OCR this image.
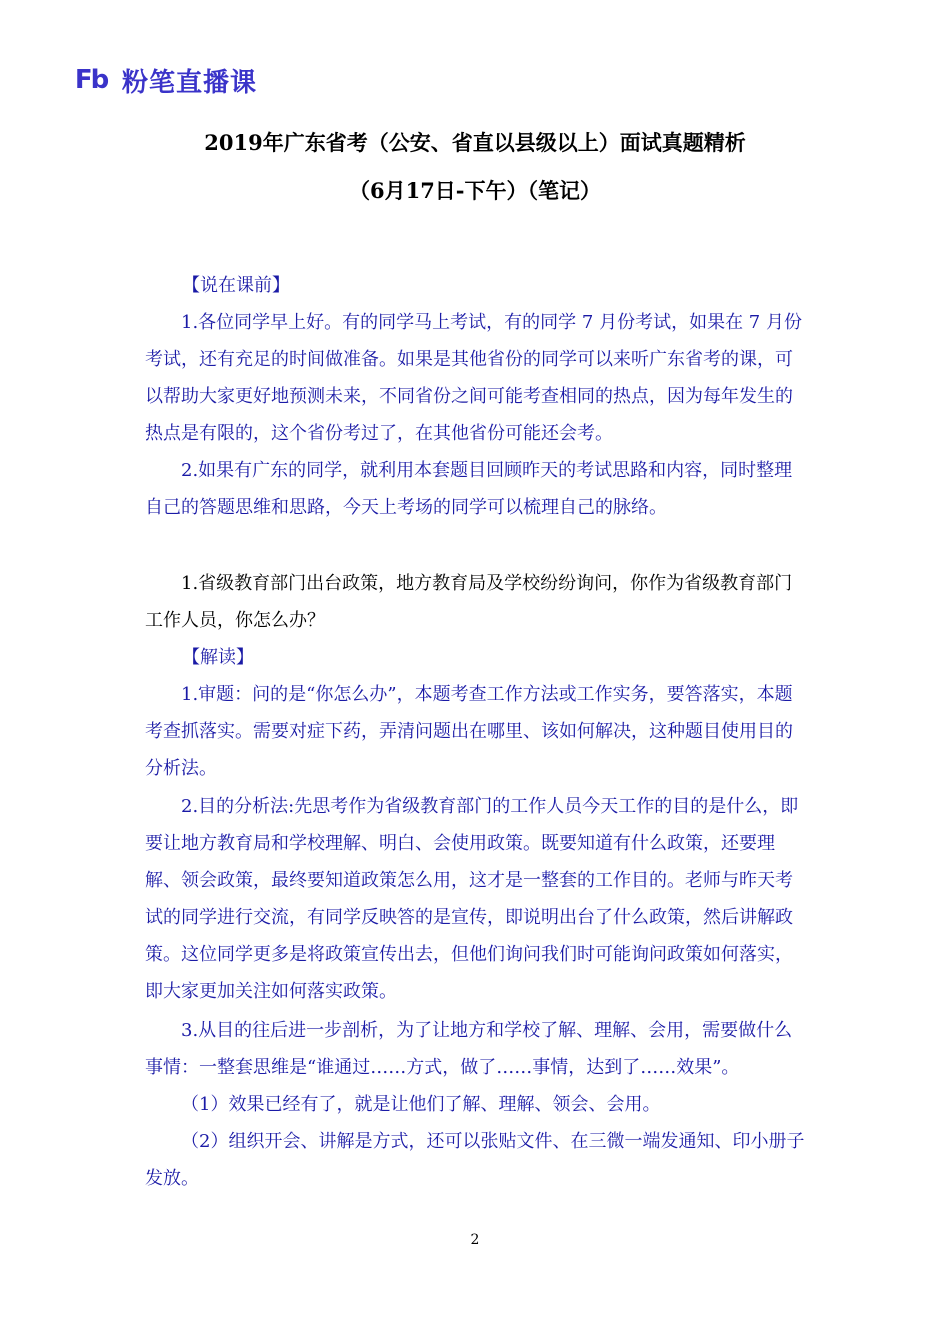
Fb 粉笔直播课
2019年广东省考（公安、省直以县级以上）面试真题精析
（6月17日-下午）（笔记）

【说在课前】

1.各位同学早上好。有的同学马上考试，有的同学 7 月份考试，如果在 7 月份考试，还有充足的时间做准备。如果是其他省份的同学可以来听广东省考的课，可以帮助大家更好地预测未来，不同省份之间可能考查相同的热点，因为每年发生的热点是有限的，这个省份考过了，在其他省份可能还会考。

2.如果有广东的同学，就利用本套题目回顾昨天的考试思路和内容，同时整理自己的答题思维和思路，今天上考场的同学可以梳理自己的脉络。

1.省级教育部门出台政策，地方教育局及学校纷纷询问，你作为省级教育部门工作人员，你怎么办？

【解读】

1.审题：问的是“你怎么办”，本题考查工作方法或工作实务，要答落实，本题考查抓落实。需要对症下药，弄清问题出在哪里、该如何解决，这种题目使用目的分析法。

2.目的分析法:先思考作为省级教育部门的工作人员今天工作的目的是什么，即要让地方教育局和学校理解、明白、会使用政策。既要知道有什么政策，还要理解、领会政策，最终要知道政策怎么用，这才是一整套的工作目的。老师与昨天考试的同学进行交流，有同学反映答的是宣传，即说明出台了什么政策，然后讲解政策。这位同学更多是将政策宣传出去，但他们询问我们时可能询问政策如何落实，即大家更加关注如何落实政策。

3.从目的往后进一步剖析，为了让地方和学校了解、理解、会用，需要做什么事情：一整套思维是“谁通过……方式，做了……事情，达到了……效果”。

（1）效果已经有了，就是让他们了解、理解、领会、会用。

（2）组织开会、讲解是方式，还可以张贴文件、在三微一端发通知、印小册子发放。

2
